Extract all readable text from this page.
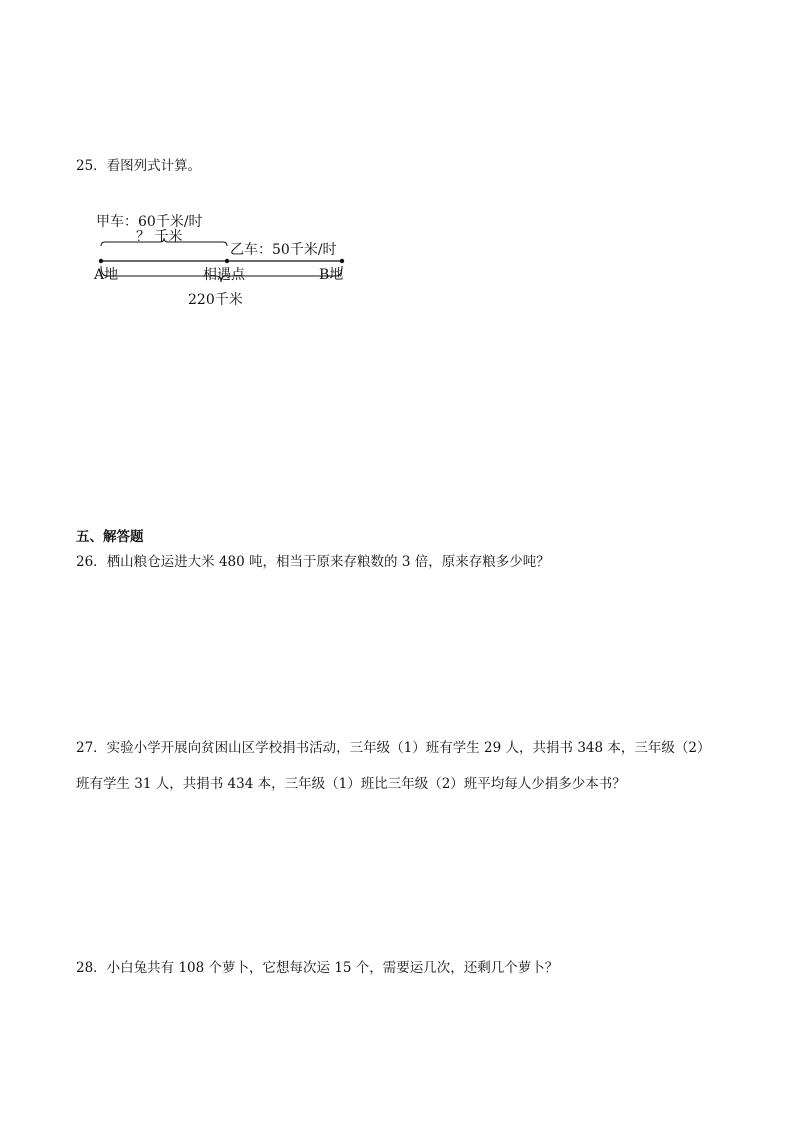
25．看图列式计算。

甲车：60千米/时
？ 千米
乙车：50千米/时
A地	相遇点	B地
220千米

五、解答题

26．栖山粮仓运进大米 480 吨，相当于原来存粮数的 3 倍，原来存粮多少吨？

27．实验小学开展向贫困山区学校捐书活动，三年级（1）班有学生 29 人，共捐书 348 本，三年级（2）班有学生 31 人，共捐书 434 本，三年级（1）班比三年级（2）班平均每人少捐多少本书？

28．小白兔共有 108 个萝卜，它想每次运 15 个，需要运几次，还剩几个萝卜？
